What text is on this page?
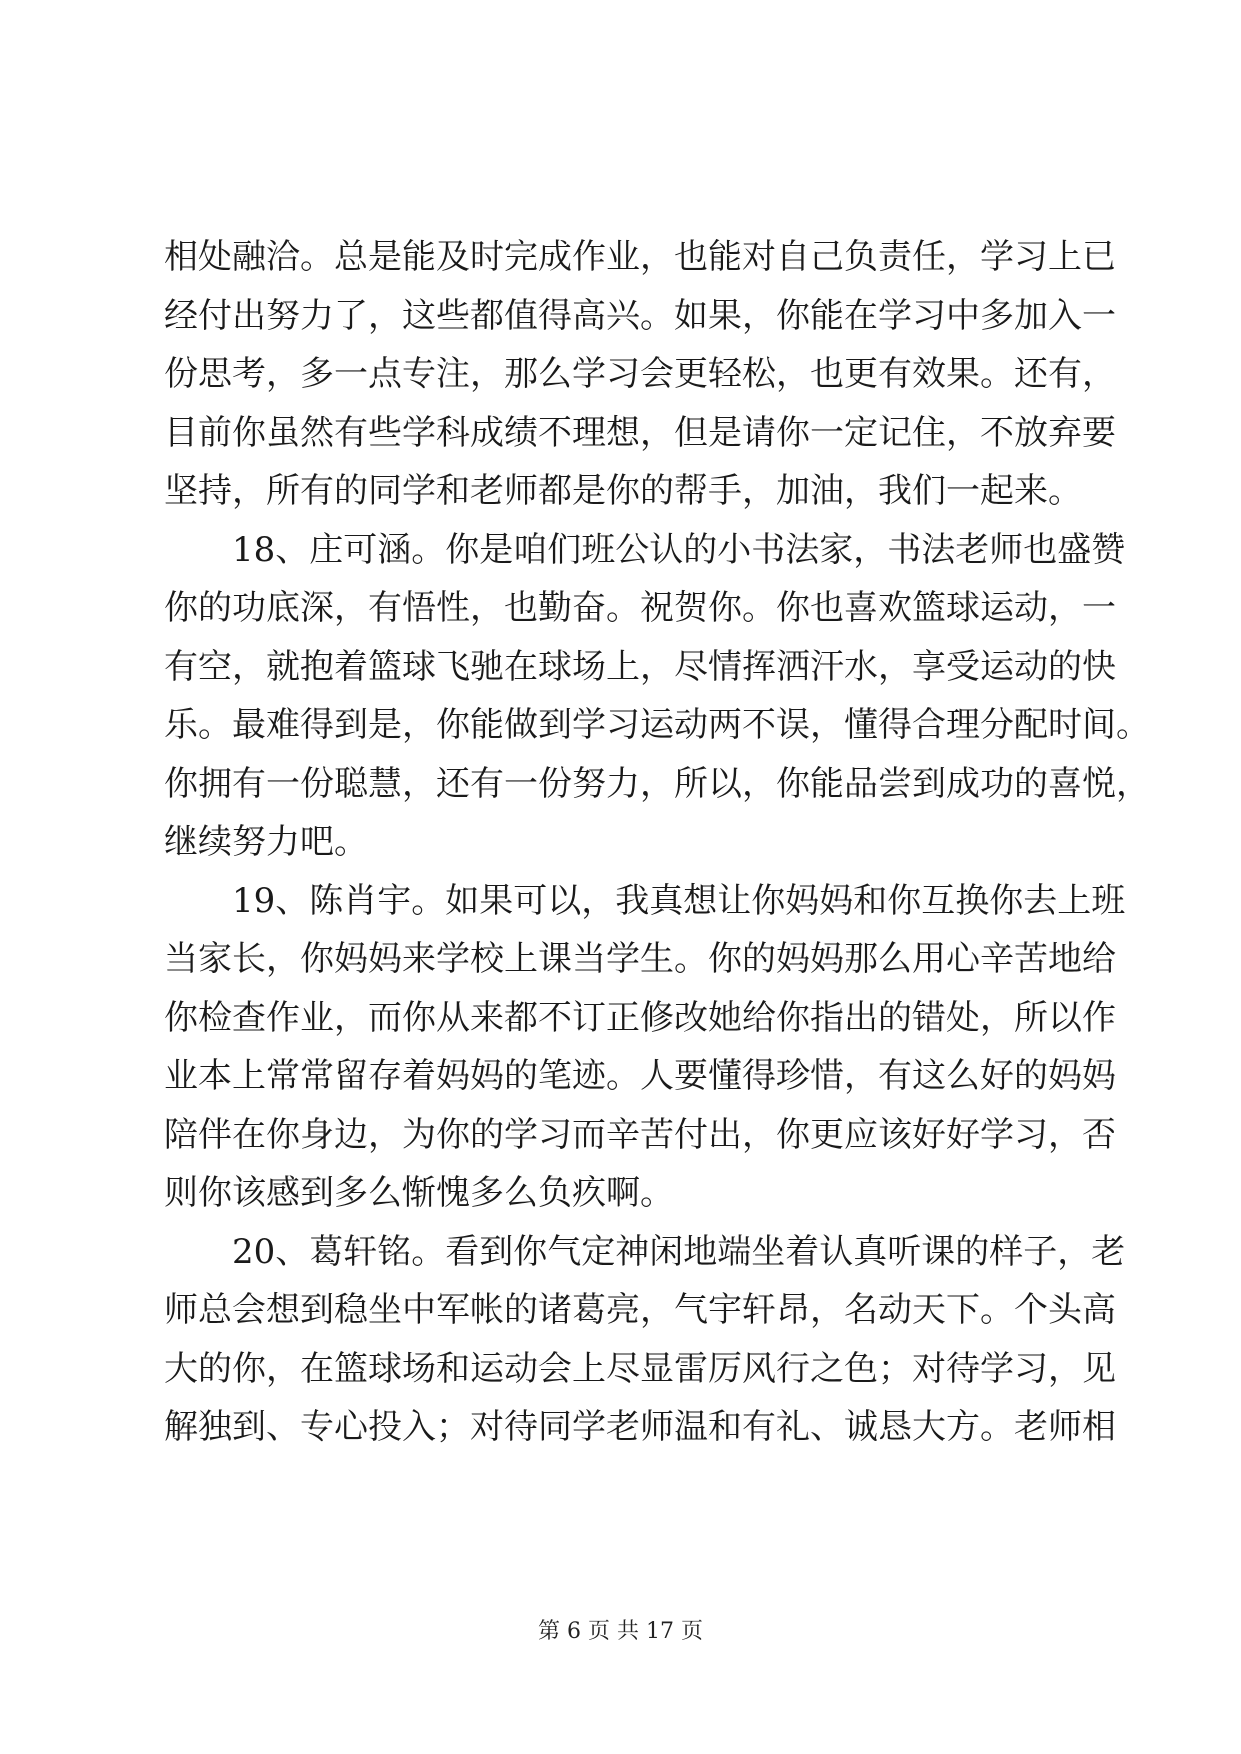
相处融洽。总是能及时完成作业，也能对自己负责任，学习上已
经付出努力了，这些都值得高兴。如果，你能在学习中多加入一
份思考，多一点专注，那么学习会更轻松，也更有效果。还有，
目前你虽然有些学科成绩不理想，但是请你一定记住，不放弃要
坚持，所有的同学和老师都是你的帮手，加油，我们一起来。
18、庄可涵。你是咱们班公认的小书法家，书法老师也盛赞
你的功底深，有悟性，也勤奋。祝贺你。你也喜欢篮球运动，一
有空，就抱着篮球飞驰在球场上，尽情挥洒汗水，享受运动的快
乐。最难得到是，你能做到学习运动两不误，懂得合理分配时间。
你拥有一份聪慧，还有一份努力，所以，你能品尝到成功的喜悦，
继续努力吧。
19、陈肖宇。如果可以，我真想让你妈妈和你互换你去上班
当家长，你妈妈来学校上课当学生。你的妈妈那么用心辛苦地给
你检查作业，而你从来都不订正修改她给你指出的错处，所以作
业本上常常留存着妈妈的笔迹。人要懂得珍惜，有这么好的妈妈
陪伴在你身边，为你的学习而辛苦付出，你更应该好好学习，否
则你该感到多么惭愧多么负疚啊。
20、葛轩铭。看到你气定神闲地端坐着认真听课的样子，老
师总会想到稳坐中军帐的诸葛亮，气宇轩昂，名动天下。个头高
大的你，在篮球场和运动会上尽显雷厉风行之色；对待学习，见
解独到、专心投入；对待同学老师温和有礼、诚恳大方。老师相
第 6 页 共 17 页
